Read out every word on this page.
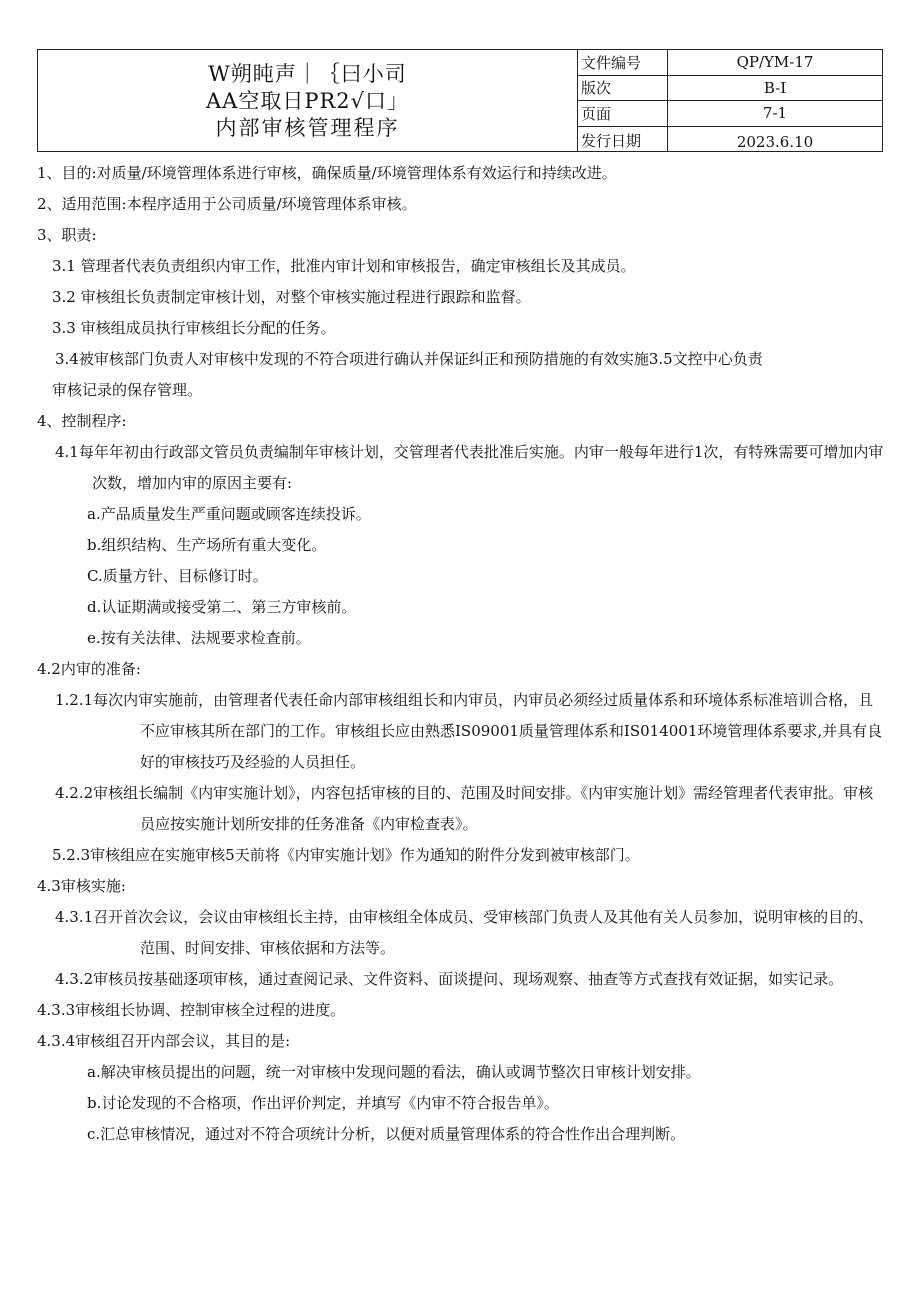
W朔盹声｜｛曰小司
AA空取日PR2√口」
内部审核管理程序
文件编号	QP/YM-17
版次	B-I
页面	7-1
发行日期	2023.6.10
1、目的:对质量/环境管理体系进行审核，确保质量/环境管理体系有效运行和持续改进。
2、适用范围:本程序适用于公司质量/环境管理体系审核。
3、职责:
3.1 管理者代表负责组织内审工作，批准内审计划和审核报告，确定审核组长及其成员。
3.2 审核组长负责制定审核计划，对整个审核实施过程进行跟踪和监督。
3.3 审核组成员执行审核组长分配的任务。
3.4被审核部门负责人对审核中发现的不符合项进行确认并保证纠正和预防措施的有效实施3.5文控中心负责
审核记录的保存管理。
4、控制程序:
4.1每年年初由行政部文管员负责编制年审核计划，交管理者代表批准后实施。内审一般每年进行1次，有特殊需要可增加内审次数，增加内审的原因主要有:
a.产品质量发生严重问题或顾客连续投诉。
b.组织结构、生产场所有重大变化。
C.质量方针、目标修订时。
d.认证期满或接受第二、第三方审核前。
e.按有关法律、法规要求检查前。
4.2内审的准备:
1.2.1每次内审实施前，由管理者代表任命内部审核组组长和内审员，内审员必须经过质量体系和环境体系标准培训合格，且不应审核其所在部门的工作。审核组长应由熟悉IS09001质量管理体系和IS014001环境管理体系要求,并具有良好的审核技巧及经验的人员担任。
4.2.2审核组长编制《内审实施计划》，内容包括审核的目的、范围及时间安排。《内审实施计划》需经管理者代表审批。审核员应按实施计划所安排的任务准备《内审检查表》。
5.2.3审核组应在实施审核5天前将《内审实施计划》作为通知的附件分发到被审核部门。
4.3审核实施:
4.3.1召开首次会议，会议由审核组长主持，由审核组全体成员、受审核部门负责人及其他有关人员参加，说明审核的目的、范围、时间安排、审核依据和方法等。
4.3.2审核员按基础逐项审核，通过查阅记录、文件资料、面谈提问、现场观察、抽查等方式查找有效证据，如实记录。
4.3.3审核组长协调、控制审核全过程的进度。
4.3.4审核组召开内部会议，其目的是:
a.解决审核员提出的问题，统一对审核中发现问题的看法，确认或调节整次日审核计划安排。
b.讨论发现的不合格项，作出评价判定，并填写《内审不符合报告单》。
c.汇总审核情况，通过对不符合项统计分析，以便对质量管理体系的符合性作出合理判断。
